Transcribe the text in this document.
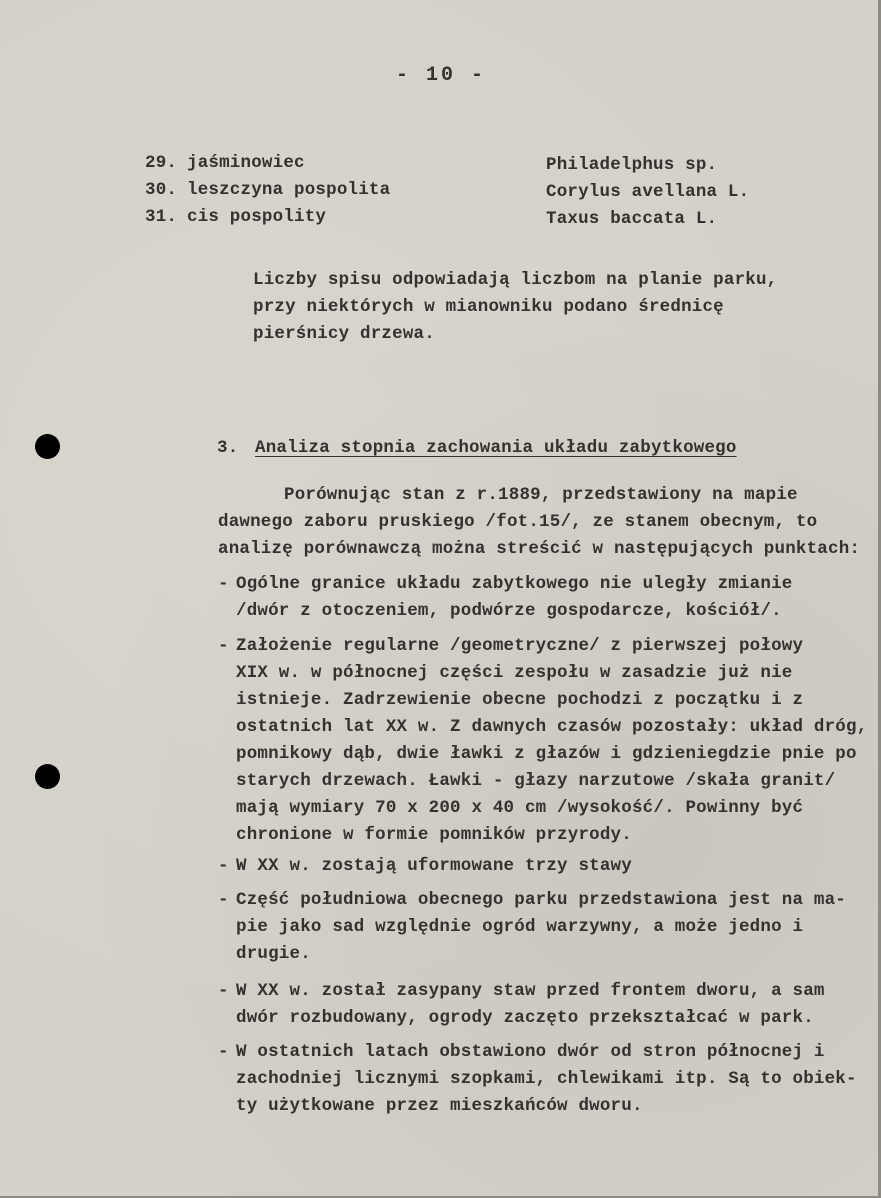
- 10 -
29. jaśminowiec	Philadelphus sp.
30. leszczyna pospolita	Corylus avellana L.
31. cis pospolity	Taxus baccata L.
Liczby spisu odpowiadają liczbom na planie parku,
przy niektórych w mianowniku podano średnicę
pierśnicy drzewa.
3. Analiza stopnia zachowania układu zabytkowego
Porównując stan z r.1889, przedstawiony na mapie
dawnego zaboru pruskiego /fot.15/, ze stanem obecnym, to
analizę porównawczą można streścić w następujących punktach:
- Ogólne granice układu zabytkowego nie uległy zmianie
/dwór z otoczeniem, podwórze gospodarcze, kościół/.
- Założenie regularne /geometryczne/ z pierwszej połowy
XIX w. w północnej części zespołu w zasadzie już nie
istnieje. Zadrzewienie obecne pochodzi z początku i z
ostatnich lat XX w. Z dawnych czasów pozostały: układ dróg,
pomnikowy dąb, dwie ławki z głazów i gdzieniegdzie pnie po
starych drzewach. Ławki - głazy narzutowe /skała granit/
mają wymiary 70 x 200 x 40 cm /wysokość/. Powinny być
chronione w formie pomników przyrody.
- W XX w. zostają uformowane trzy stawy
- Część południowa obecnego parku przedstawiona jest na ma-
pie jako sad względnie ogród warzywny, a może jedno i
drugie.
- W XX w. został zasypany staw przed frontem dworu, a sam
dwór rozbudowany, ogrody zaczęto przekształcać w park.
- W ostatnich latach obstawiono dwór od stron północnej i
zachodniej licznymi szopkami, chlewikami itp. Są to obiek-
ty użytkowane przez mieszkańców dworu.
